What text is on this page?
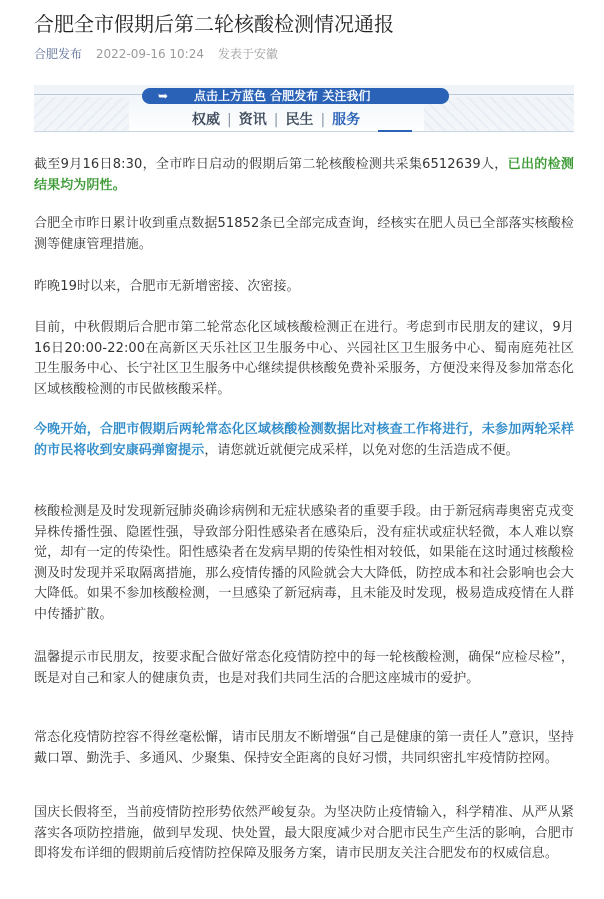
合肥全市假期后第二轮核酸检测情况通报
合肥发布 2022-09-16 10:24 发表于安徽
➥	点击上方蓝色 合肥发布 关注我们
权威 | 资讯 | 民生 | 服务

截至9月16日8:30，全市昨日启动的假期后第二轮核酸检测共采集6512639人，已出的检测结果均为阴性。

合肥全市昨日累计收到重点数据51852条已全部完成查询，经核实在肥人员已全部落实核酸检测等健康管理措施。

昨晚19时以来，合肥市无新增密接、次密接。

目前，中秋假期后合肥市第二轮常态化区域核酸检测正在进行。考虑到市民朋友的建议，9月16日20:00-22:00在高新区天乐社区卫生服务中心、兴园社区卫生服务中心、蜀南庭苑社区卫生服务中心、长宁社区卫生服务中心继续提供核酸免费补采服务，方便没来得及参加常态化区域核酸检测的市民做核酸采样。

今晚开始，合肥市假期后两轮常态化区域核酸检测数据比对核查工作将进行，未参加两轮采样的市民将收到安康码弹窗提示，请您就近就便完成采样，以免对您的生活造成不便。

核酸检测是及时发现新冠肺炎确诊病例和无症状感染者的重要手段。由于新冠病毒奥密克戎变异株传播性强、隐匿性强，导致部分阳性感染者在感染后，没有症状或症状轻微，本人难以察觉，却有一定的传染性。阳性感染者在发病早期的传染性相对较低，如果能在这时通过核酸检测及时发现并采取隔离措施，那么疫情传播的风险就会大大降低，防控成本和社会影响也会大大降低。如果不参加核酸检测，一旦感染了新冠病毒，且未能及时发现，极易造成疫情在人群中传播扩散。

温馨提示市民朋友，按要求配合做好常态化疫情防控中的每一轮核酸检测，确保“应检尽检”，既是对自己和家人的健康负责，也是对我们共同生活的合肥这座城市的爱护。

常态化疫情防控容不得丝毫松懈，请市民朋友不断增强“自己是健康的第一责任人”意识，坚持戴口罩、勤洗手、多通风、少聚集、保持安全距离的良好习惯，共同织密扎牢疫情防控网。

国庆长假将至，当前疫情防控形势依然严峻复杂。为坚决防止疫情输入，科学精准、从严从紧落实各项防控措施，做到早发现、快处置，最大限度减少对合肥市民生产生活的影响，合肥市即将发布详细的假期前后疫情防控保障及服务方案，请市民朋友关注合肥发布的权威信息。
